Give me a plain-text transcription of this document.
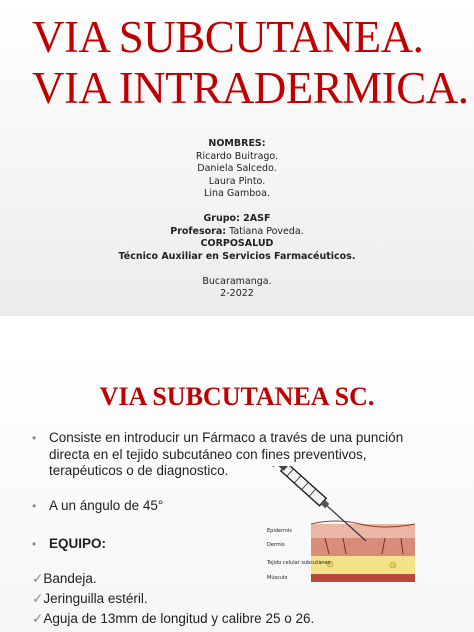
VIA SUBCUTANEA.
VIA INTRADERMICA.
NOMBRES:
Ricardo Buitrago.
Daniela Salcedo.
Laura Pinto.
Lina Gamboa.
Grupo: 2ASF
Profesora: Tatiana Poveda.
CORPOSALUD
Técnico Auxiliar en Servicios Farmacéuticos.
Bucaramanga.
2-2022
VIA SUBCUTANEA SC.
• Consiste en introducir un Fármaco a través de una punción directa en el tejido subcutáneo con fines preventivos, terapéuticos o de diagnostico.
• A un ángulo de 45°
• EQUIPO:
✓Bandeja.
✓Jeringuilla estéril.
✓Aguja de 13mm de longitud y calibre 25 o 26.
Epidermis
Dermis
Tejido celular subcutáneo
Músculo
